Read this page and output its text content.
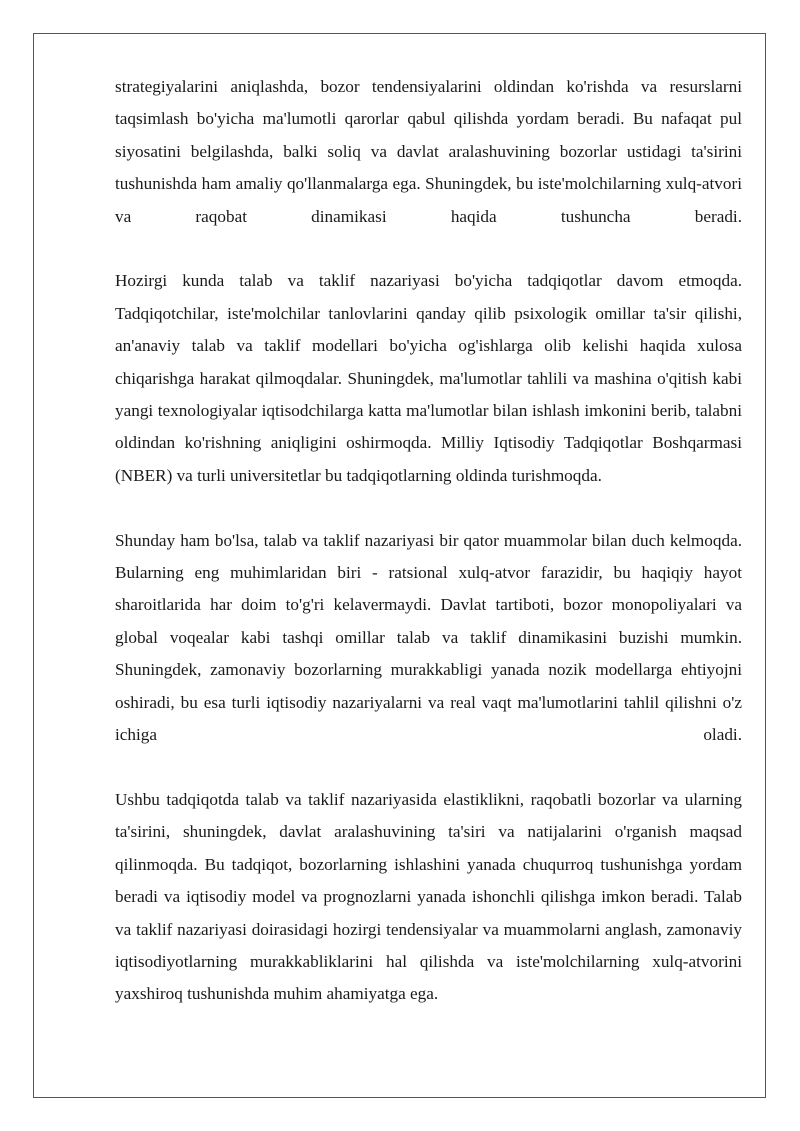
strategiyalarini aniqlashda, bozor tendensiyalarini oldindan ko'rishda va resurslarni taqsimlash bo'yicha ma'lumotli qarorlar qabul qilishda yordam beradi. Bu nafaqat pul siyosatini belgilashda, balki soliq va davlat aralashuvining bozorlar ustidagi ta'sirini tushunishda ham amaliy qo'llanmalarga ega. Shuningdek, bu iste'molchilarning xulq-atvori va raqobat dinamikasi haqida tushuncha beradi.

Hozirgi kunda talab va taklif nazariyasi bo'yicha tadqiqotlar davom etmoqda. Tadqiqotchilar, iste'molchilar tanlovlarini qanday qilib psixologik omillar ta'sir qilishi, an'anaviy talab va taklif modellari bo'yicha og'ishlarga olib kelishi haqida xulosa chiqarishga harakat qilmoqdalar. Shuningdek, ma'lumotlar tahlili va mashina o'qitish kabi yangi texnologiyalar iqtisodchilarga katta ma'lumotlar bilan ishlash imkonini berib, talabni oldindan ko'rishning aniqligini oshirmoqda. Milliy Iqtisodiy Tadqiqotlar Boshqarmasi (NBER) va turli universitetlar bu tadqiqotlarning oldinda turishmoqda.

Shunday ham bo'lsa, talab va taklif nazariyasi bir qator muammolar bilan duch kelmoqda. Bularning eng muhimlaridan biri - ratsional xulq-atvor farazidir, bu haqiqiy hayot sharoitlarida har doim to'g'ri kelavermaydi. Davlat tartiboti, bozor monopoliyalari va global voqealar kabi tashqi omillar talab va taklif dinamikasini buzishi mumkin. Shuningdek, zamonaviy bozorlarning murakkabligi yanada nozik modellarga ehtiyojni oshiradi, bu esa turli iqtisodiy nazariyalarni va real vaqt ma'lumotlarini tahlil qilishni o'z ichiga oladi.

Ushbu tadqiqotda talab va taklif nazariyasida elastiklikni, raqobatli bozorlar va ularning ta'sirini, shuningdek, davlat aralashuvining ta'siri va natijalarini o'rganish maqsad qilinmoqda. Bu tadqiqot, bozorlarning ishlashini yanada chuqurroq tushunishga yordam beradi va iqtisodiy model va prognozlarni yanada ishonchli qilishga imkon beradi. Talab va taklif nazariyasi doirasidagi hozirgi tendensiyalar va muammolarni anglash, zamonaviy iqtisodiyotlarning murakkabliklarini hal qilishda va iste'molchilarning xulq-atvorini yaxshiroq tushunishda muhim ahamiyatga ega.
